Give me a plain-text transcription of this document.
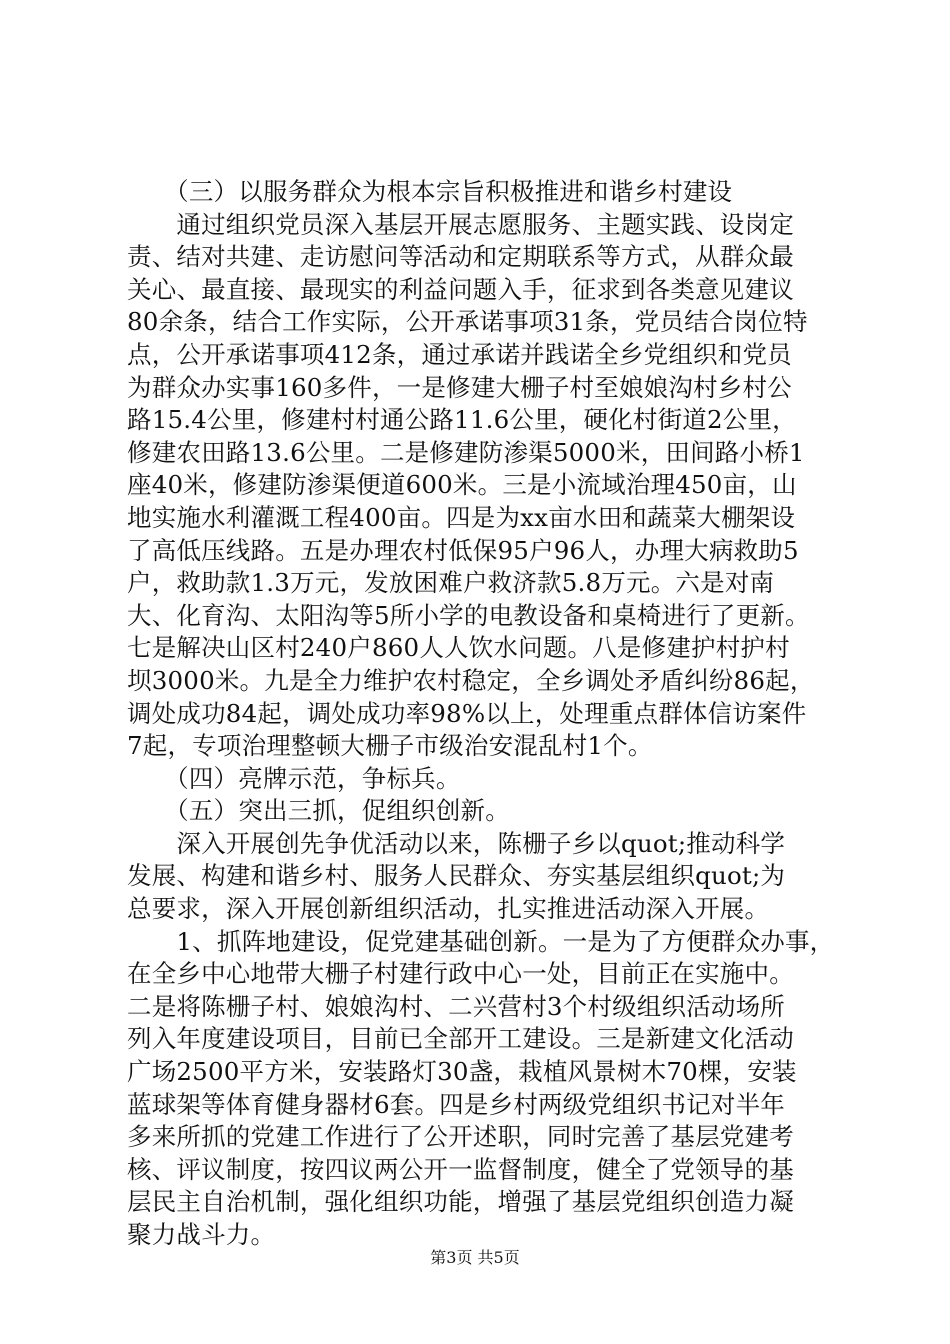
　　（三）以服务群众为根本宗旨积极推进和谐乡村建设
　　通过组织党员深入基层开展志愿服务、主题实践、设岗定
责、结对共建、走访慰问等活动和定期联系等方式，从群众最
关心、最直接、最现实的利益问题入手，征求到各类意见建议
80余条，结合工作实际，公开承诺事项31条，党员结合岗位特
点，公开承诺事项412条，通过承诺并践诺全乡党组织和党员
为群众办实事160多件，一是修建大栅子村至娘娘沟村乡村公
路15.4公里，修建村村通公路11.6公里，硬化村街道2公里，
修建农田路13.6公里。二是修建防渗渠5000米，田间路小桥1
座40米，修建防渗渠便道600米。三是小流域治理450亩，山
地实施水利灌溉工程400亩。四是为xx亩水田和蔬菜大棚架设
了高低压线路。五是办理农村低保95户96人，办理大病救助5
户，救助款1.3万元，发放困难户救济款5.8万元。六是对南
大、化育沟、太阳沟等5所小学的电教设备和桌椅进行了更新。
七是解决山区村240户860人人饮水问题。八是修建护村护村
坝3000米。九是全力维护农村稳定，全乡调处矛盾纠纷86起，
调处成功84起，调处成功率98%以上，处理重点群体信访案件
7起，专项治理整顿大栅子市级治安混乱村1个。
　　（四）亮牌示范，争标兵。
　　（五）突出三抓，促组织创新。
　　深入开展创先争优活动以来，陈栅子乡以quot;推动科学
发展、构建和谐乡村、服务人民群众、夯实基层组织quot;为
总要求，深入开展创新组织活动，扎实推进活动深入开展。
　　1、抓阵地建设，促党建基础创新。一是为了方便群众办事，
在全乡中心地带大栅子村建行政中心一处，目前正在实施中。
二是将陈栅子村、娘娘沟村、二兴营村3个村级组织活动场所
列入年度建设项目，目前已全部开工建设。三是新建文化活动
广场2500平方米，安装路灯30盏，栽植风景树木70棵，安装
蓝球架等体育健身器材6套。四是乡村两级党组织书记对半年
多来所抓的党建工作进行了公开述职，同时完善了基层党建考
核、评议制度，按四议两公开一监督制度，健全了党领导的基
层民主自治机制，强化组织功能，增强了基层党组织创造力凝
聚力战斗力。
第3页 共5页
